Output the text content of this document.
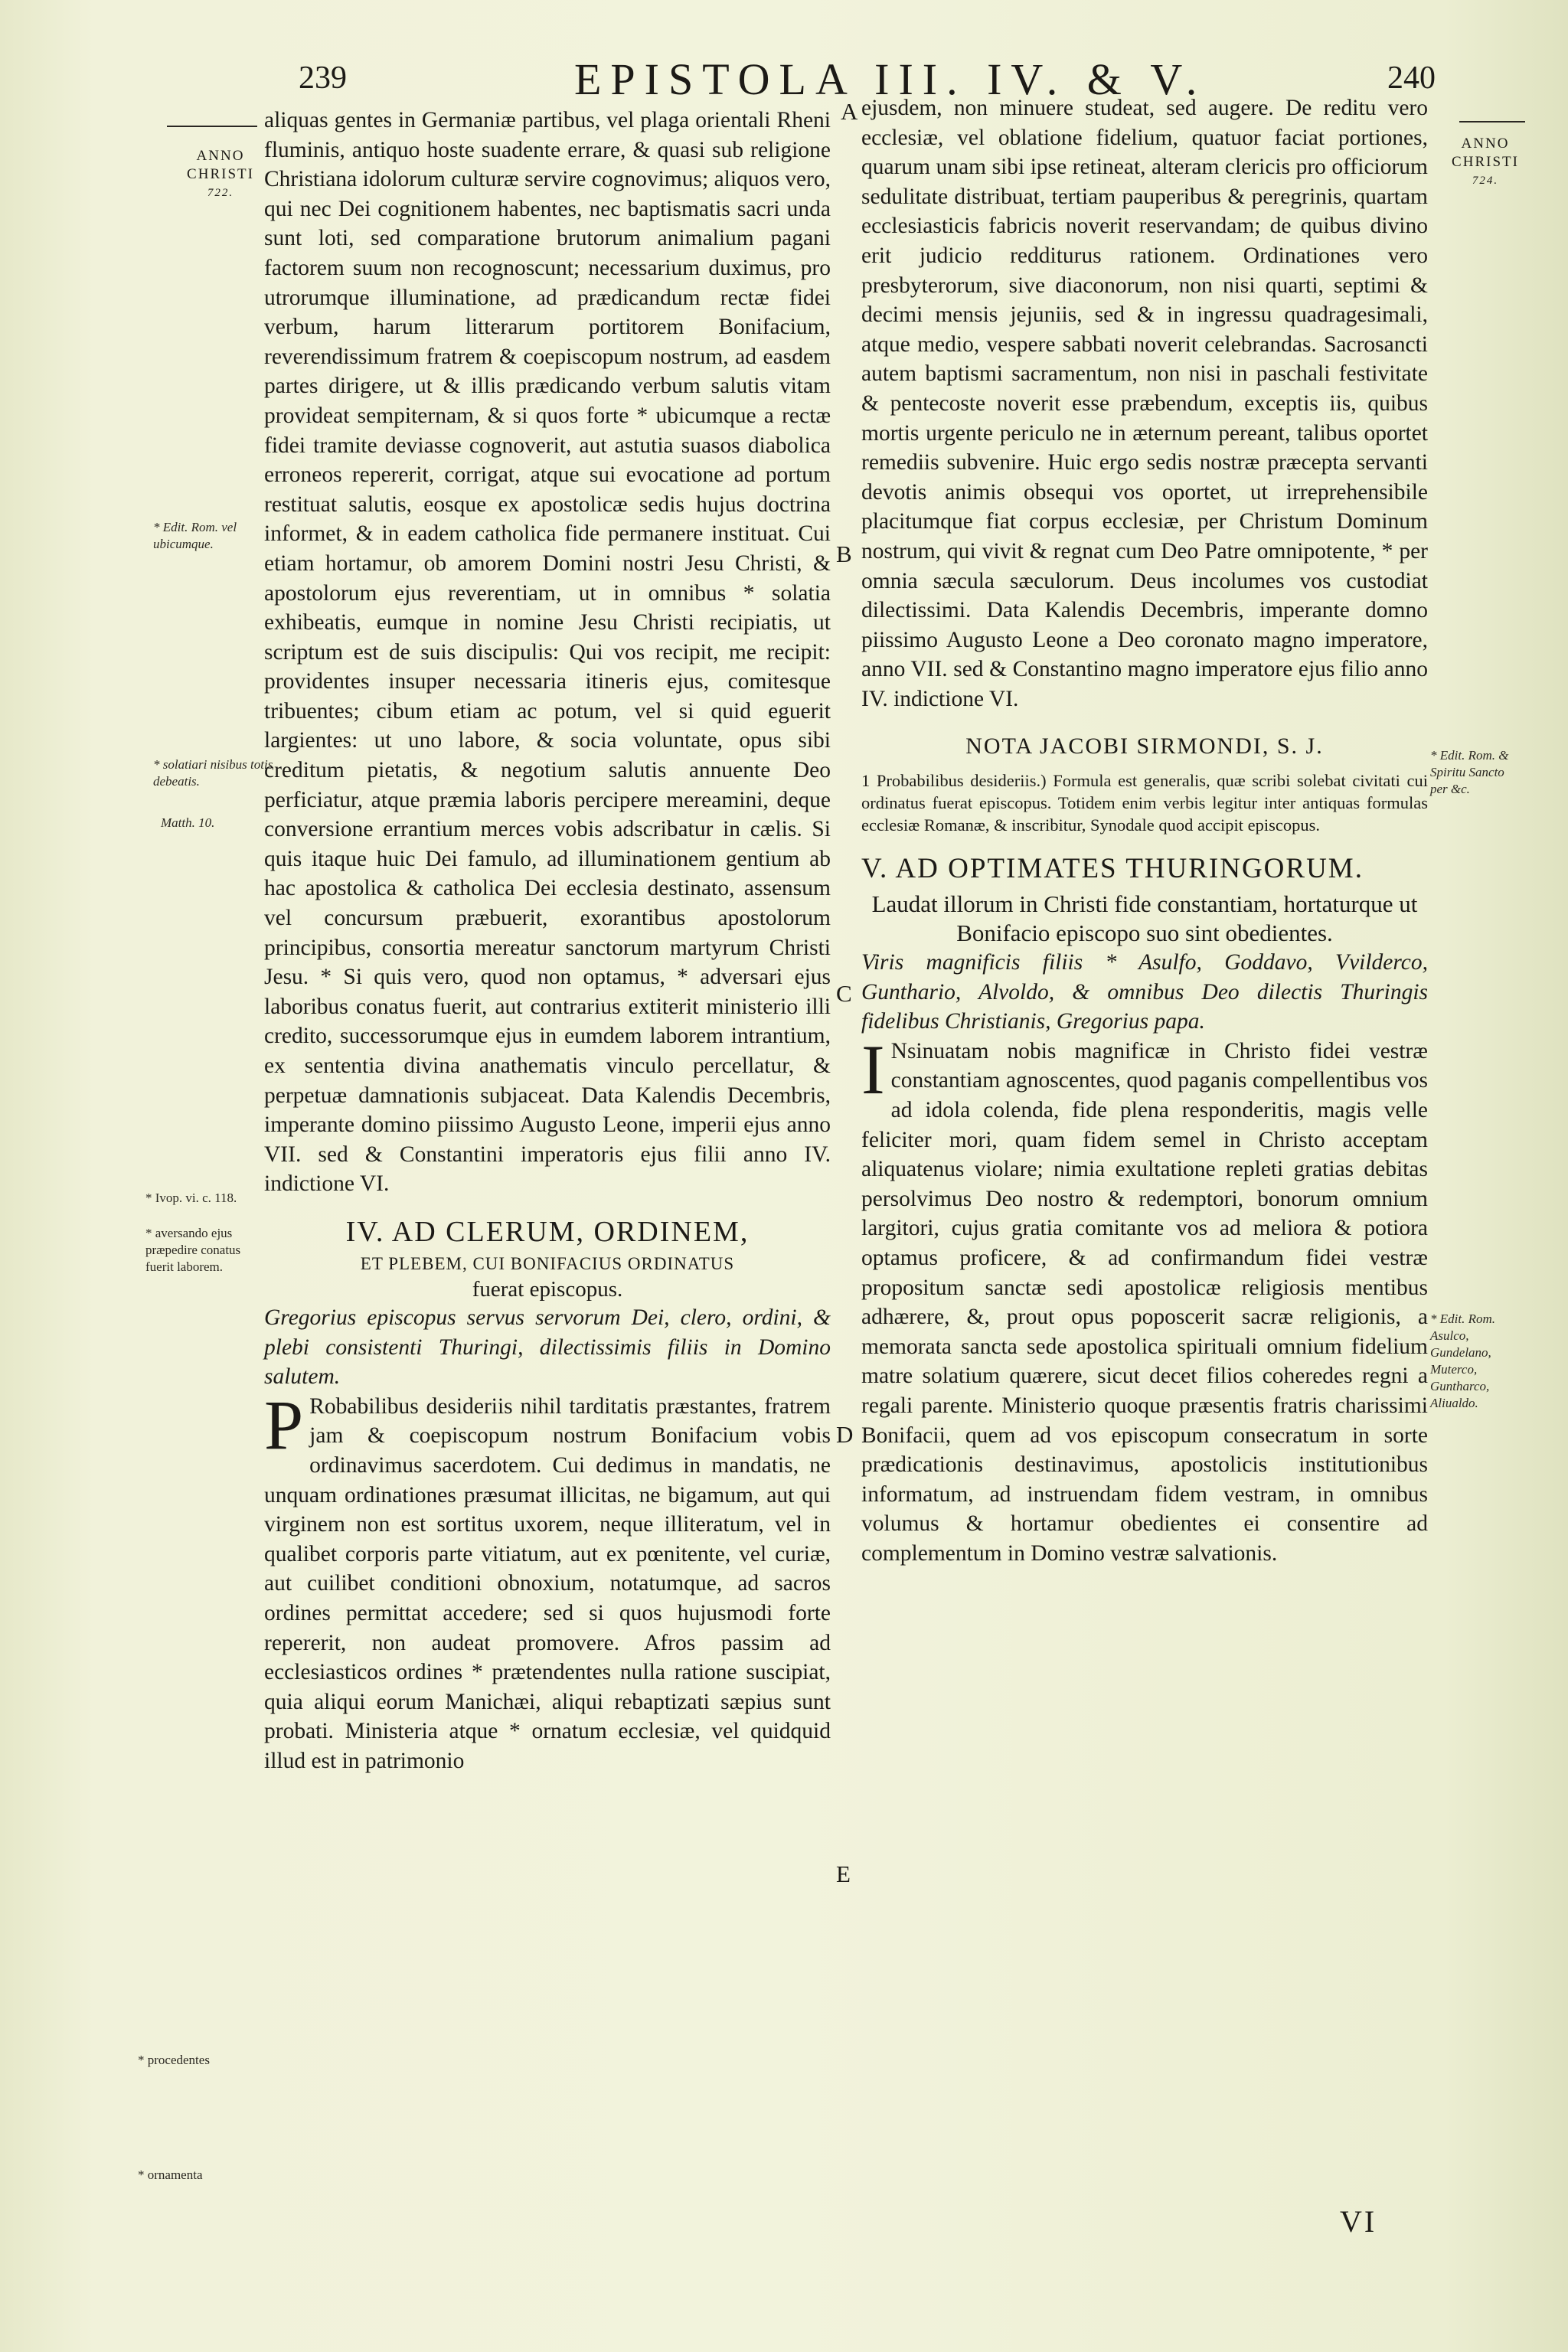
239	EPISTOLA III. IV. & V.	240
ANNO
CHRISTI
722.
ANNO
CHRISTI
724.
* Edit. Rom. vel ubicumque.
* solatiari nisibus totis debeatis.
Matth. 10.
* Ivop. vi. c. 118.
* aversando ejus præpedire conatus fuerit laborem.
* procedentes
* ornamenta
* Edit. Rom. & Spiritu Sancto per &c.
* Edit. Rom. Asulco, Gundelano, Muterco, Guntharco, Aliualdo.
A
B
C
D
E

aliquas gentes in Germaniæ partibus, vel plaga orientali Rheni fluminis, antiquo hoste suadente errare, & quasi sub religione Christiana idolorum culturæ servire cognovimus; aliquos vero, qui nec Dei cognitionem habentes, nec baptismatis sacri unda sunt loti, sed comparatione brutorum animalium pagani factorem suum non recognoscunt; necessarium duximus, pro utrorumque illuminatione, ad prædicandum rectæ fidei verbum, harum litterarum portitorem Bonifacium, reverendissimum fratrem & coepiscopum nostrum, ad easdem partes dirigere, ut & illis prædicando verbum salutis vitam provideat sempiternam, & si quos forte * ubicumque a rectæ fidei tramite deviasse cognoverit, aut astutia suasos diabolica erroneos repererit, corrigat, atque sui evocatione ad portum restituat salutis, eosque ex apostolicæ sedis hujus doctrina informet, & in eadem catholica fide permanere instituat. Cui etiam hortamur, ob amorem Domini nostri Jesu Christi, & apostolorum ejus reverentiam, ut in omnibus * solatia exhibeatis, eumque in nomine Jesu Christi recipiatis, ut scriptum est de suis discipulis: Qui vos recipit, me recipit: providentes insuper necessaria itineris ejus, comitesque tribuentes; cibum etiam ac potum, vel si quid eguerit largientes: ut uno labore, & socia voluntate, opus sibi creditum pietatis, & negotium salutis annuente Deo perficiatur, atque præmia laboris percipere mereamini, deque conversione errantium merces vobis adscribatur in cælis. Si quis itaque huic Dei famulo, ad illuminationem gentium ab hac apostolica & catholica Dei ecclesia destinato, assensum vel concursum præbuerit, exorantibus apostolorum principibus, consortia mereatur sanctorum martyrum Christi Jesu. * Si quis vero, quod non optamus, * adversari ejus laboribus conatus fuerit, aut contrarius extiterit ministerio illi credito, successorumque ejus in eumdem laborem intrantium, ex sententia divina anathematis vinculo percellatur, & perpetuæ damnationis subjaceat. Data Kalendis Decembris, imperante domino piissimo Augusto Leone, imperii ejus anno VII. sed & Constantini imperatoris ejus filii anno IV. indictione VI.

IV. AD CLERUM, ORDINEM,
ET PLEBEM, CUI BONIFACIUS ORDINATUS
fuerat episcopus.

Gregorius episcopus servus servorum Dei, clero, ordini, & plebi consistenti Thuringi, dilectissimis filiis in Domino salutem.

P Robabilibus desideriis nihil tarditatis præstantes, fratrem jam & coepiscopum nostrum Bonifacium vobis ordinavimus sacerdotem. Cui dedimus in mandatis, ne unquam ordinationes præsumat illicitas, ne bigamum, aut qui virginem non est sortitus uxorem, neque illiteratum, vel in qualibet corporis parte vitiatum, aut ex pœnitente, vel curiæ, aut cuilibet conditioni obnoxium, notatumque, ad sacros ordines permittat accedere; sed si quos hujusmodi forte repererit, non audeat promovere. Afros passim ad ecclesiasticos ordines * prætendentes nulla ratione suscipiat, quia aliqui eorum Manichæi, aliqui rebaptizati sæpius sunt probati. Ministeria atque * ornatum ecclesiæ, vel quidquid illud est in patrimonio

ejusdem, non minuere studeat, sed augere. De reditu vero ecclesiæ, vel oblatione fidelium, quatuor faciat portiones, quarum unam sibi ipse retineat, alteram clericis pro officiorum sedulitate distribuat, tertiam pauperibus & peregrinis, quartam ecclesiasticis fabricis noverit reservandam; de quibus divino erit judicio redditurus rationem. Ordinationes vero presbyterorum, sive diaconorum, non nisi quarti, septimi & decimi mensis jejuniis, sed & in ingressu quadragesimali, atque medio, vespere sabbati noverit celebrandas. Sacrosancti autem baptismi sacramentum, non nisi in paschali festivitate & pentecoste noverit esse præbendum, exceptis iis, quibus mortis urgente periculo ne in æternum pereant, talibus oportet remediis subvenire. Huic ergo sedis nostræ præcepta servanti devotis animis obsequi vos oportet, ut irreprehensibile placitumque fiat corpus ecclesiæ, per Christum Dominum nostrum, qui vivit & regnat cum Deo Patre omnipotente, * per omnia sæcula sæculorum. Deus incolumes vos custodiat dilectissimi. Data Kalendis Decembris, imperante domno piissimo Augusto Leone a Deo coronato magno imperatore, anno VII. sed & Constantino magno imperatore ejus filio anno IV. indictione VI.

NOTA JACOBI SIRMONDI, S. J.

1 Probabilibus desideriis.) Formula est generalis, quæ scribi solebat civitati cui ordinatus fuerat episcopus. Totidem enim verbis legitur inter antiquas formulas ecclesiæ Romanæ, & inscribitur, Synodale quod accipit episcopus.

V. AD OPTIMATES THURINGORUM.

Laudat illorum in Christi fide constantiam, hortaturque ut Bonifacio episcopo suo sint obedientes.

Viris magnificis filiis * Asulfo, Goddavo, Vvilderco, Gunthario, Alvoldo, & omnibus Deo dilectis Thuringis fidelibus Christianis, Gregorius papa.

I Nsinuatam nobis magnificæ in Christo fidei vestræ constantiam agnoscentes, quod paganis compellentibus vos ad idola colenda, fide plena responderitis, magis velle feliciter mori, quam fidem semel in Christo acceptam aliquatenus violare; nimia exultatione repleti gratias debitas persolvimus Deo nostro & redemptori, bonorum omnium largitori, cujus gratia comitante vos ad meliora & potiora optamus proficere, & ad confirmandum fidei vestræ propositum sanctæ sedi apostolicæ religiosis mentibus adhærere, &, prout opus poposcerit sacræ religionis, a memorata sancta sede apostolica spirituali omnium fidelium matre solatium quærere, sicut decet filios coheredes regni a regali parente. Ministerio quoque præsentis fratris charissimi Bonifacii, quem ad vos episcopum consecratum in sorte prædicationis destinavimus, apostolicis institutionibus informatum, ad instruendam fidem vestram, in omnibus volumus & hortamur obedientes ei consentire ad complementum in Domino vestræ salvationis.

VI
